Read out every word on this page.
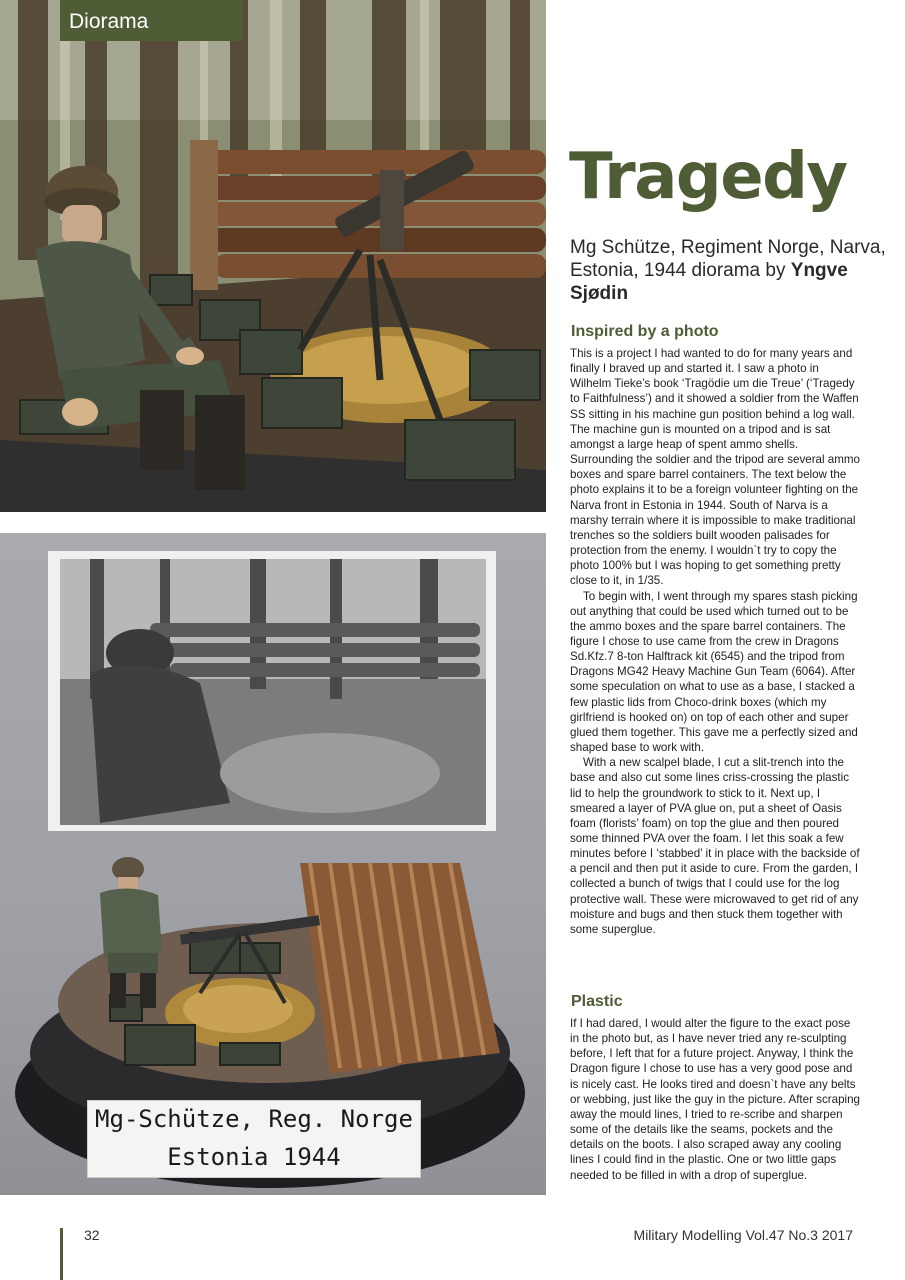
Diorama
Mg-Schütze, Reg. Norge
Estonia 1944
Tragedy

Mg Schütze, Regiment Norge, Narva, Estonia, 1944 diorama by Yngve Sjødin

Inspired by a photo

This is a project I had wanted to do for many years and finally I braved up and started it. I saw a photo in Wilhelm Tieke’s book ‘Tragödie um die Treue’ (‘Tragedy to Faithfulness’) and it showed a soldier from the Waffen SS sitting in his machine gun position behind a log wall. The machine gun is mounted on a tripod and is sat amongst a large heap of spent ammo shells. Surrounding the soldier and the tripod are several ammo boxes and spare barrel containers. The text below the photo explains it to be a foreign volunteer fighting on the Narva front in Estonia in 1944. South of Narva is a marshy terrain where it is impossible to make traditional trenches so the soldiers built wooden palisades for protection from the enemy. I wouldn`t try to copy the photo 100% but I was hoping to get something pretty close to it, in 1/35.

To begin with, I went through my spares stash picking out anything that could be used which turned out to be the ammo boxes and the spare barrel containers. The figure I chose to use came from the crew in Dragons Sd.Kfz.7 8-ton Halftrack kit (6545) and the tripod from Dragons MG42 Heavy Machine Gun Team (6064). After some speculation on what to use as a base, I stacked a few plastic lids from Choco-drink boxes (which my girlfriend is hooked on) on top of each other and super glued them together. This gave me a perfectly sized and shaped base to work with.

With a new scalpel blade, I cut a slit-trench into the base and also cut some lines criss-crossing the plastic lid to help the groundwork to stick to it. Next up, I smeared a layer of PVA glue on, put a sheet of Oasis foam (florists’ foam) on top the glue and then poured some thinned PVA over the foam. I let this soak a few minutes before I ‘stabbed’ it in place with the backside of a pencil and then put it aside to cure. From the garden, I collected a bunch of twigs that I could use for the log protective wall. These were microwaved to get rid of any moisture and bugs and then stuck them together with some superglue.

Plastic

If I had dared, I would alter the figure to the exact pose in the photo but, as I have never tried any re-sculpting before, I left that for a future project. Anyway, I think the Dragon figure I chose to use has a very good pose and is nicely cast. He looks tired and doesn`t have any belts or webbing, just like the guy in the picture. After scraping away the mould lines, I tried to re-scribe and sharpen some of the details like the seams, pockets and the details on the boots. I also scraped away any cooling lines I could find in the plastic. One or two little gaps needed to be filled in with a drop of superglue.

32	Military Modelling Vol.47 No.3 2017
